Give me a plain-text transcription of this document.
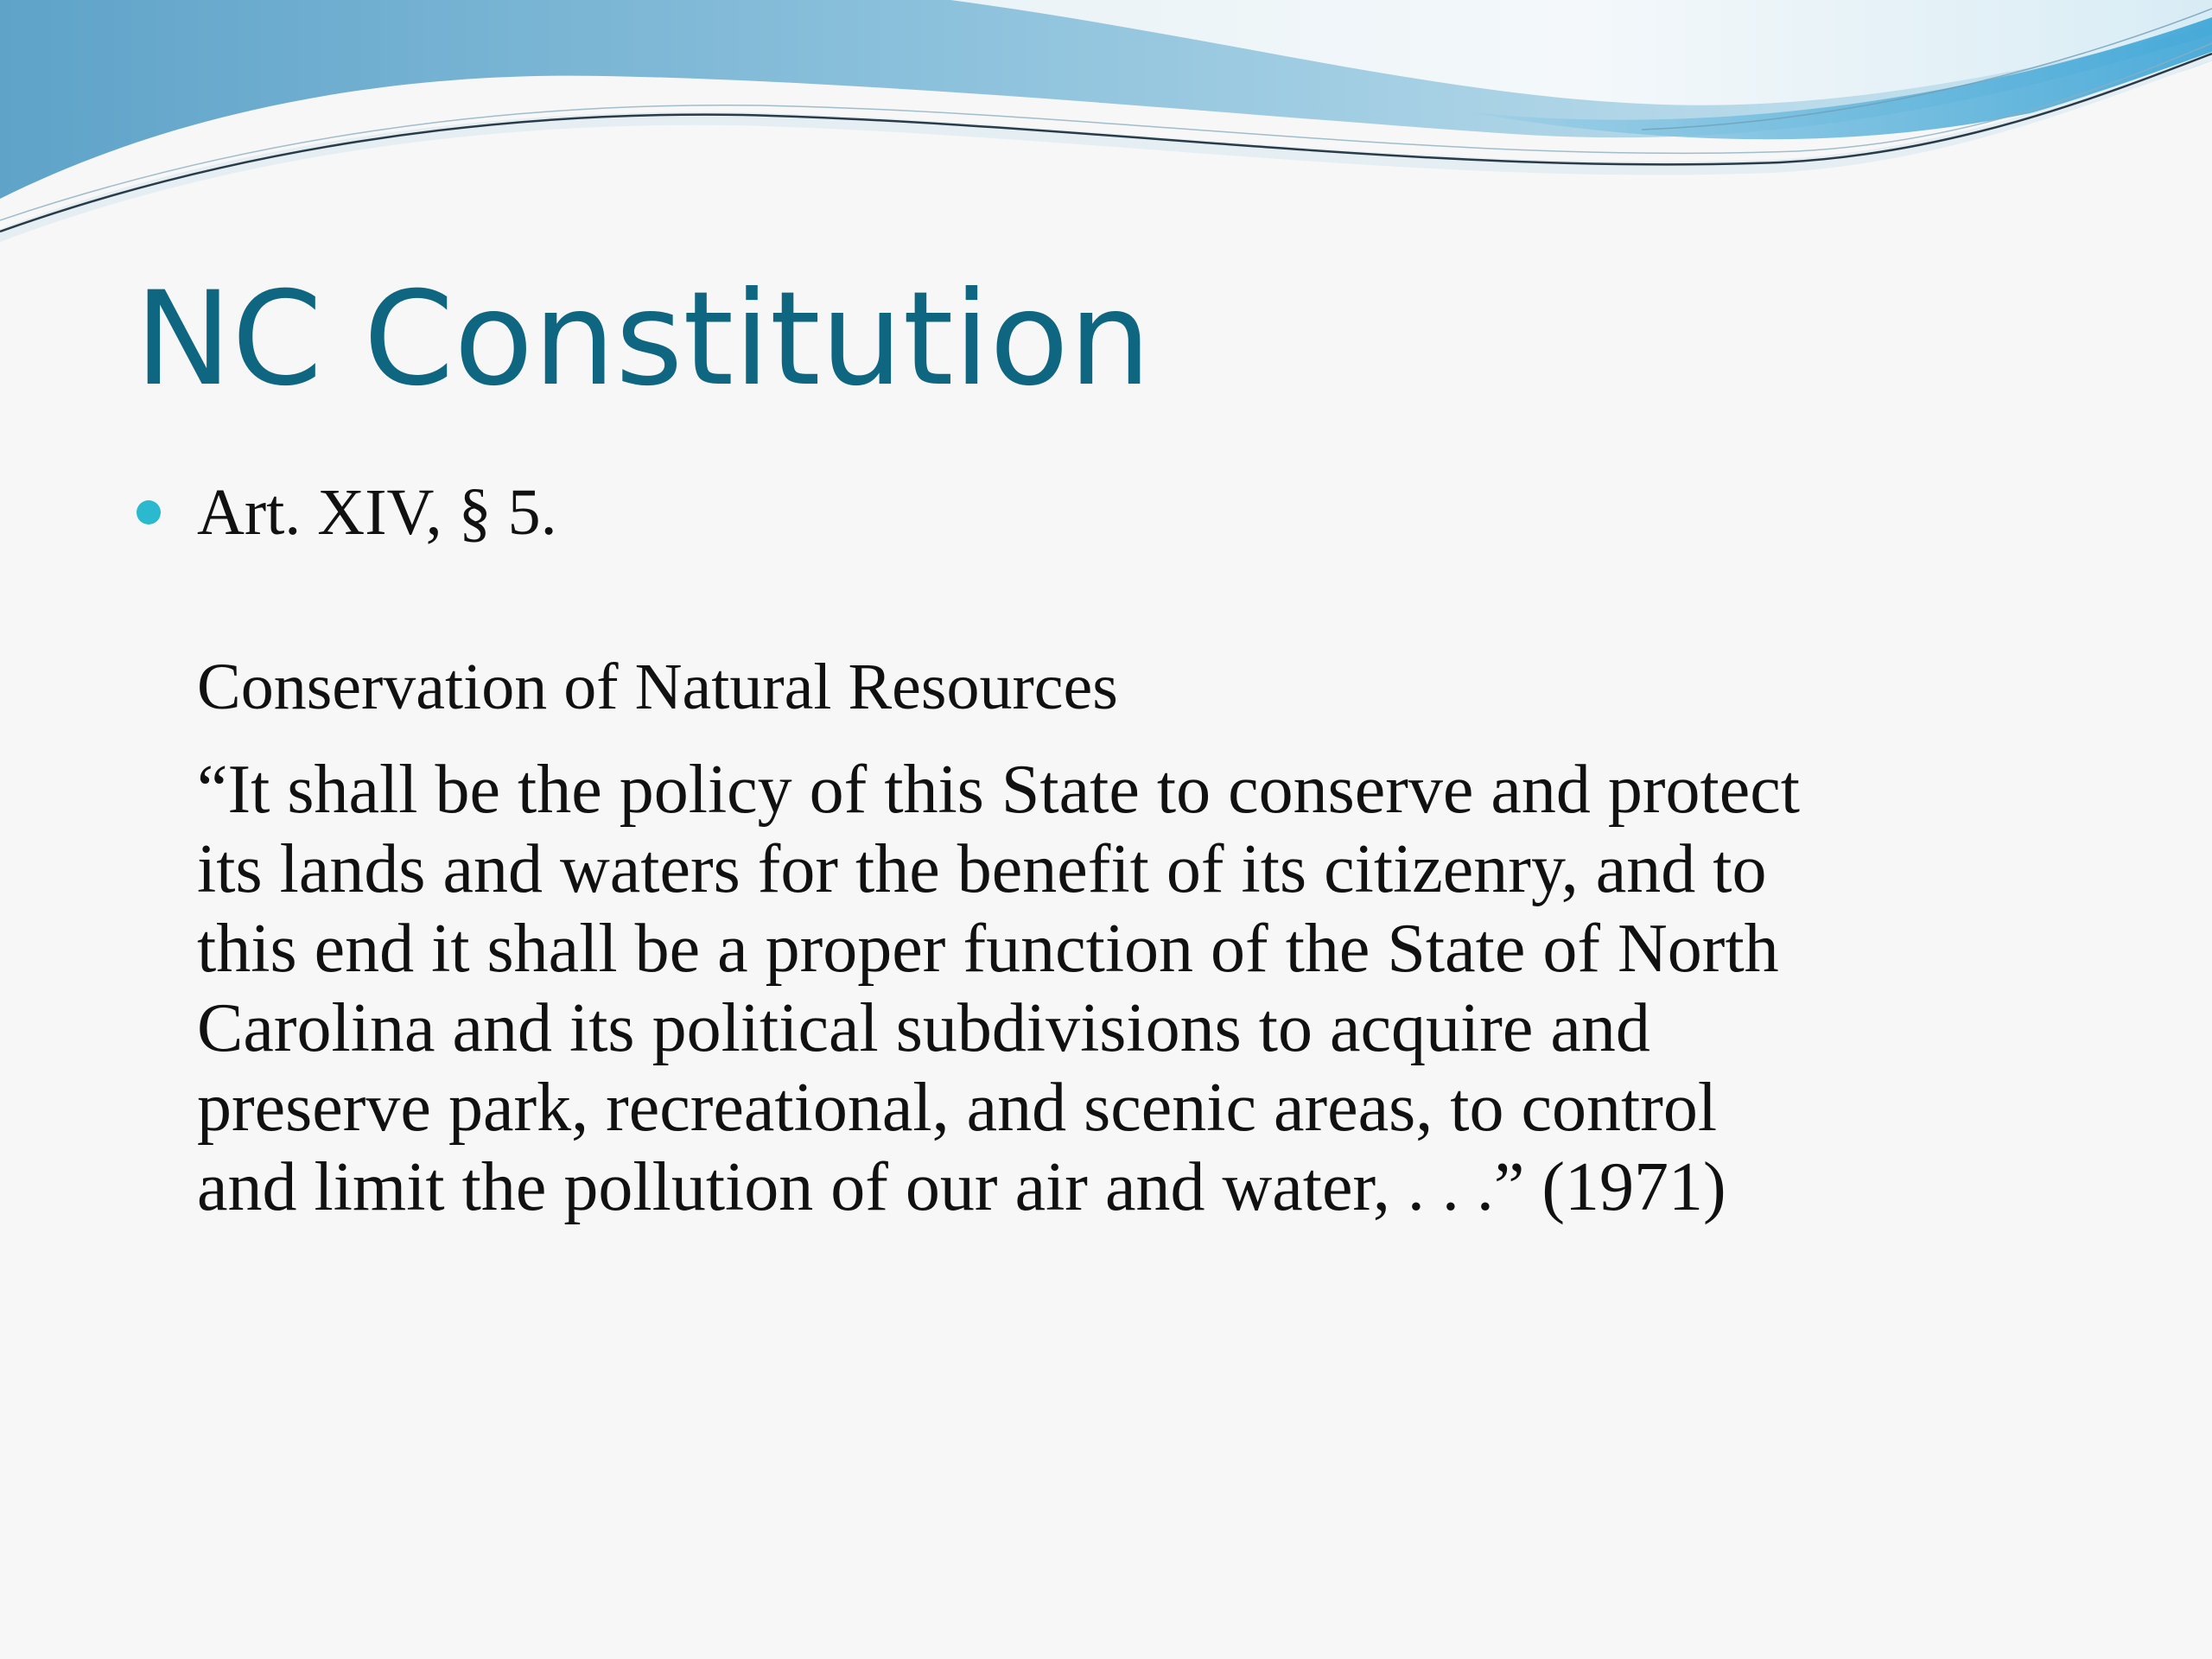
NC Constitution
Art. XIV, § 5.
Conservation of Natural Resources
“It shall be the policy of this State to conserve and protect
its lands and waters for the benefit of its citizenry, and to
this end it shall be a proper function of the State of North
Carolina and its political subdivisions to acquire and
preserve park, recreational, and scenic areas, to control
and limit the pollution of our air and water, . . .” (1971)
